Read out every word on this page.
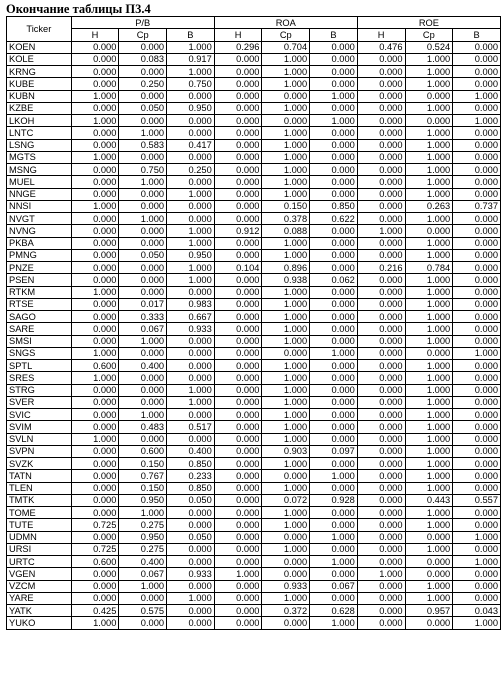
Окончание таблицы П3.4
Ticker	P/B			ROA			ROE		
	H	Cp	B	H	Cp	B	H	Cp	B
KOEN	0.000	0.000	1.000	0.296	0.704	0.000	0.476	0.524	0.000
KOLE	0.000	0.083	0.917	0.000	1.000	0.000	0.000	1.000	0.000
KRNG	0.000	0.000	1.000	0.000	1.000	0.000	0.000	1.000	0.000
KUBE	0.000	0.250	0.750	0.000	1.000	0.000	0.000	1.000	0.000
KUBN	1.000	0.000	0.000	0.000	0.000	1.000	0.000	0.000	1.000
KZBE	0.000	0.050	0.950	0.000	1.000	0.000	0.000	1.000	0.000
LKOH	1.000	0.000	0.000	0.000	0.000	1.000	0.000	0.000	1.000
LNTC	0.000	1.000	0.000	0.000	1.000	0.000	0.000	1.000	0.000
LSNG	0.000	0.583	0.417	0.000	1.000	0.000	0.000	1.000	0.000
MGTS	1.000	0.000	0.000	0.000	1.000	0.000	0.000	1.000	0.000
MSNG	0.000	0.750	0.250	0.000	1.000	0.000	0.000	1.000	0.000
MUEL	0.000	1.000	0.000	0.000	1.000	0.000	0.000	1.000	0.000
NNGE	0.000	0.000	1.000	0.000	1.000	0.000	0.000	1.000	0.000
NNSI	1.000	0.000	0.000	0.000	0.150	0.850	0.000	0.263	0.737
NVGT	0.000	1.000	0.000	0.000	0.378	0.622	0.000	1.000	0.000
NVNG	0.000	0.000	1.000	0.912	0.088	0.000	1.000	0.000	0.000
PKBA	0.000	0.000	1.000	0.000	1.000	0.000	0.000	1.000	0.000
PMNG	0.000	0.050	0.950	0.000	1.000	0.000	0.000	1.000	0.000
PNZE	0.000	0.000	1.000	0.104	0.896	0.000	0.216	0.784	0.000
PSEN	0.000	0.000	1.000	0.000	0.938	0.062	0.000	1.000	0.000
RTKM	1.000	0.000	0.000	0.000	1.000	0.000	0.000	1.000	0.000
RTSE	0.000	0.017	0.983	0.000	1.000	0.000	0.000	1.000	0.000
SAGO	0.000	0.333	0.667	0.000	1.000	0.000	0.000	1.000	0.000
SARE	0.000	0.067	0.933	0.000	1.000	0.000	0.000	1.000	0.000
SMSI	0.000	1.000	0.000	0.000	1.000	0.000	0.000	1.000	0.000
SNGS	1.000	0.000	0.000	0.000	0.000	1.000	0.000	0.000	1.000
SPTL	0.600	0.400	0.000	0.000	1.000	0.000	0.000	1.000	0.000
SRES	1.000	0.000	0.000	0.000	1.000	0.000	0.000	1.000	0.000
STRG	0.000	0.000	1.000	0.000	1.000	0.000	0.000	1.000	0.000
SVER	0.000	0.000	1.000	0.000	1.000	0.000	0.000	1.000	0.000
SVIC	0.000	1.000	0.000	0.000	1.000	0.000	0.000	1.000	0.000
SVIM	0.000	0.483	0.517	0.000	1.000	0.000	0.000	1.000	0.000
SVLN	1.000	0.000	0.000	0.000	1.000	0.000	0.000	1.000	0.000
SVPN	0.000	0.600	0.400	0.000	0.903	0.097	0.000	1.000	0.000
SVZK	0.000	0.150	0.850	0.000	1.000	0.000	0.000	1.000	0.000
TATN	0.000	0.767	0.233	0.000	0.000	1.000	0.000	1.000	0.000
TLEN	0.000	0.150	0.850	0.000	1.000	0.000	0.000	1.000	0.000
TMTK	0.000	0.950	0.050	0.000	0.072	0.928	0.000	0.443	0.557
TOME	0.000	1.000	0.000	0.000	1.000	0.000	0.000	1.000	0.000
TUTE	0.725	0.275	0.000	0.000	1.000	0.000	0.000	1.000	0.000
UDMN	0.000	0.950	0.050	0.000	0.000	1.000	0.000	0.000	1.000
URSI	0.725	0.275	0.000	0.000	1.000	0.000	0.000	1.000	0.000
URTC	0.600	0.400	0.000	0.000	0.000	1.000	0.000	0.000	1.000
VGEN	0.000	0.067	0.933	1.000	0.000	0.000	1.000	0.000	0.000
VZCM	0.000	1.000	0.000	0.000	0.933	0.067	0.000	1.000	0.000
YARE	0.000	0.000	1.000	0.000	1.000	0.000	0.000	1.000	0.000
YATK	0.425	0.575	0.000	0.000	0.372	0.628	0.000	0.957	0.043
YUKO	1.000	0.000	0.000	0.000	0.000	1.000	0.000	0.000	1.000
